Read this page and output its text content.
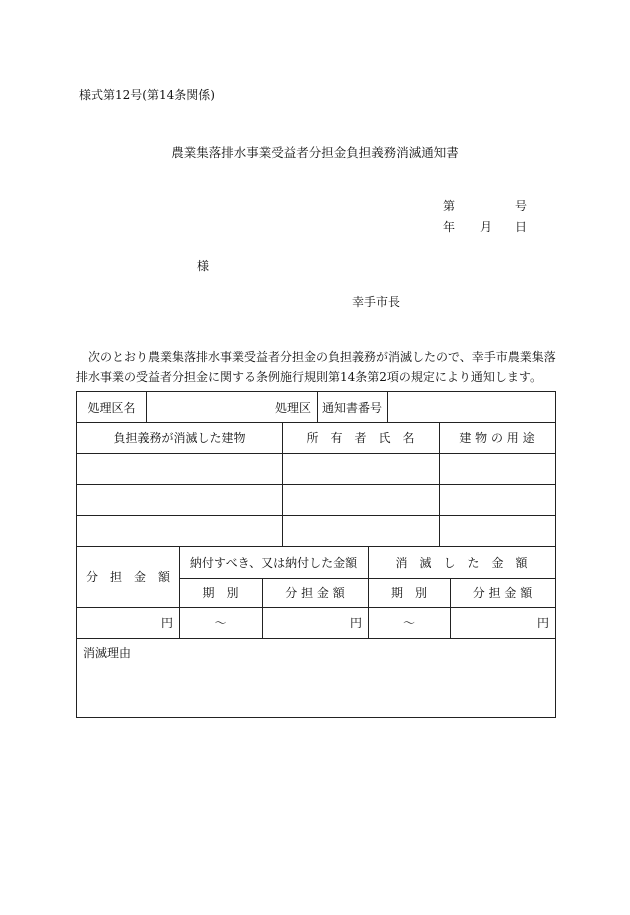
様式第12号(第14条関係)
農業集落排水事業受益者分担金負担義務消滅通知書
第	号
年 月 日
様
幸手市長
次のとおり農業集落排水事業受益者分担金の負担義務が消滅したので、幸手市農業集落排水事業の受益者分担金に関する条例施行規則第14条第2項の規定により通知します。
処理区名	処理区 通知書番号
負担義務が消滅した建物	所　有　者　氏　名	建 物 の 用 途
分　担　金　額
納付すべき、又は納付した金額	消　滅　し　た　金　額
期　別	分 担 金 額	期　別	分 担 金 額
円	～	円	～	円
消滅理由
